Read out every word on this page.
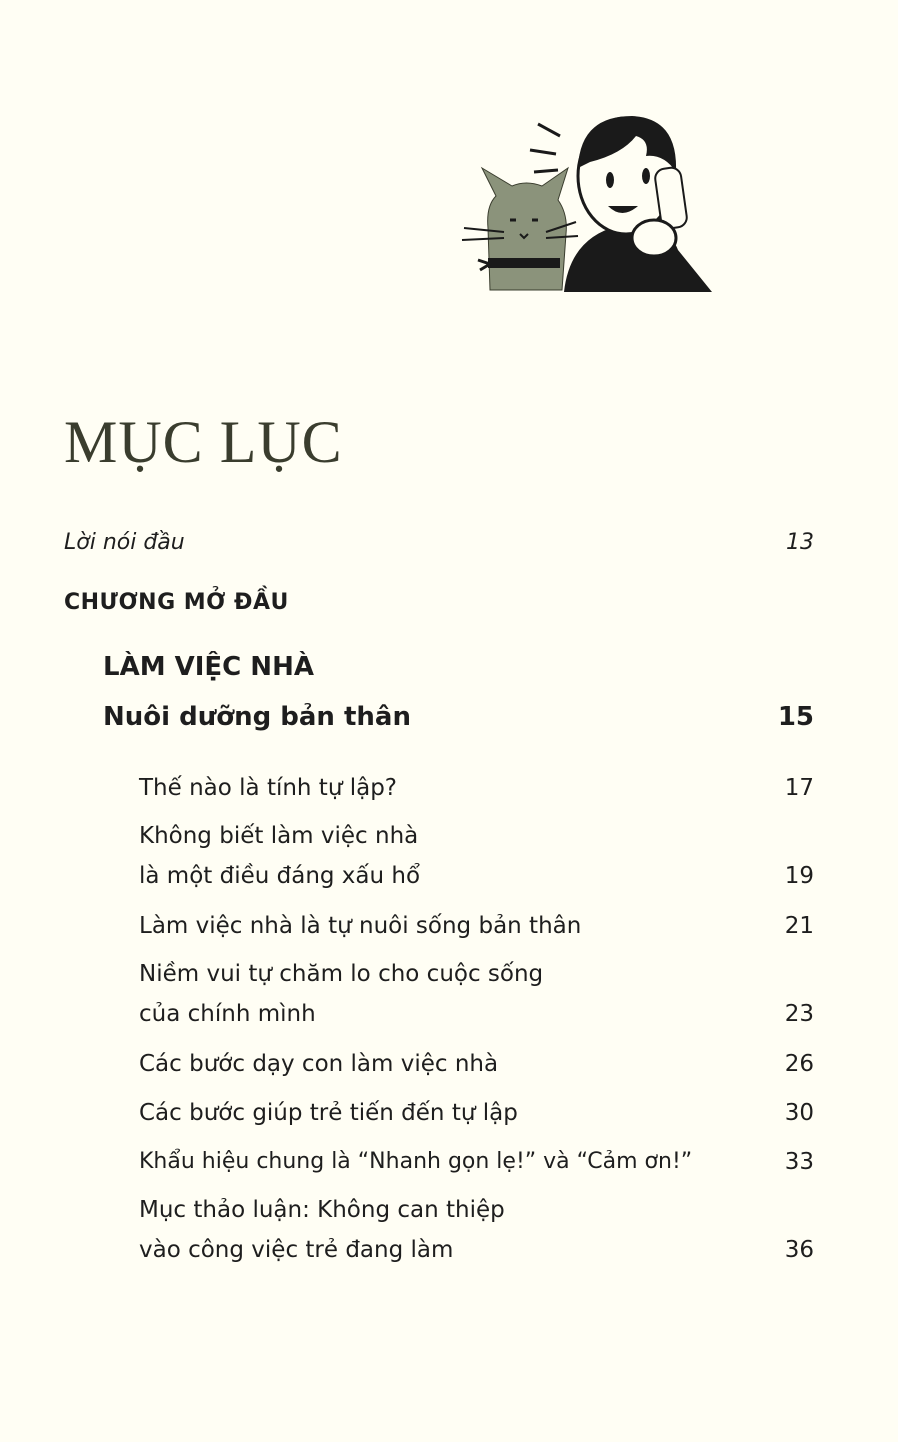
MỤC LỤC
Lời nói đầu	13
CHƯƠNG MỞ ĐẦU
LÀM VIỆC NHÀ
Nuôi dưỡng bản thân	15
Thế nào là tính tự lập?	17
Không biết làm việc nhà
là một điều đáng xấu hổ	19
Làm việc nhà là tự nuôi sống bản thân	21
Niềm vui tự chăm lo cho cuộc sống
của chính mình	23
Các bước dạy con làm việc nhà	26
Các bước giúp trẻ tiến đến tự lập	30
Khẩu hiệu chung là “Nhanh gọn lẹ!” và “Cảm ơn!”	33
Mục thảo luận: Không can thiệp
vào công việc trẻ đang làm	36
